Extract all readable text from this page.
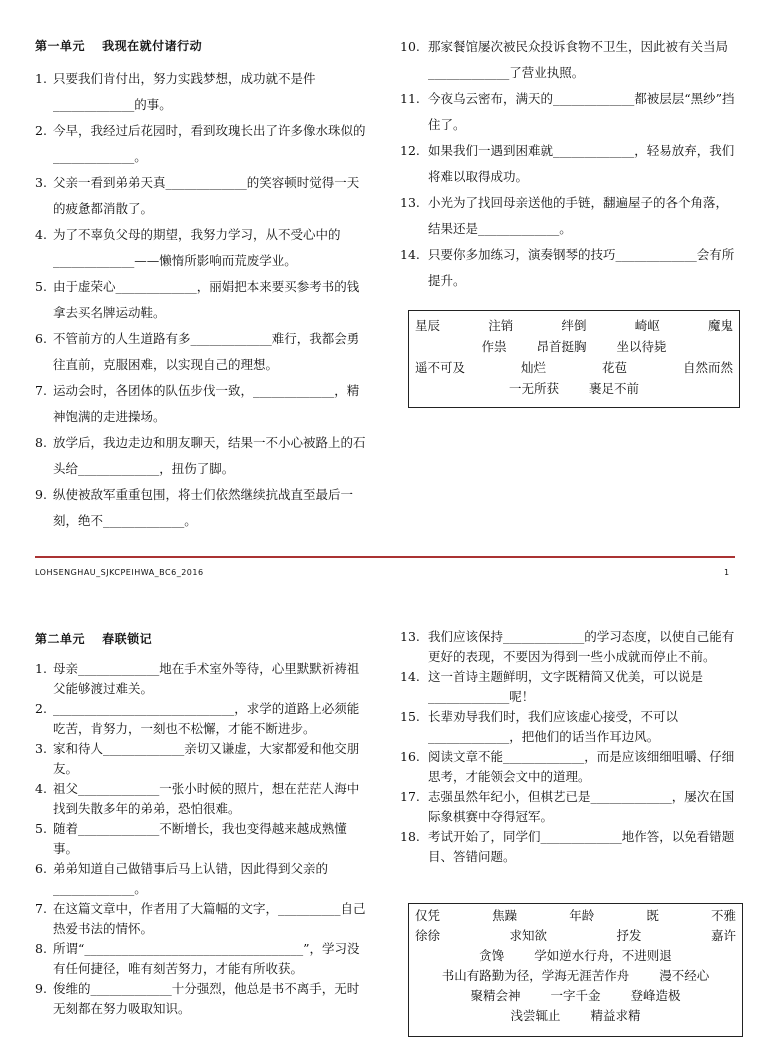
第一单元　 我现在就付诸行动
1. 只要我们肯付出，努力实践梦想，成功就不是件 _____________的事。
2. 今早，我经过后花园时，看到玫瑰长出了许多像水珠似的_____________。
3. 父亲一看到弟弟天真_____________的笑容顿时觉得一天的疲惫都消散了。
4. 为了不辜负父母的期望，我努力学习，从不受心中的_____________——懒惰所影响而荒废学业。
5. 由于虚荣心_____________，丽娟把本来要买参考书的钱拿去买名牌运动鞋。
6. 不管前方的人生道路有多_____________难行，我都会勇往直前，克服困难，以实现自己的理想。
7. 运动会时，各团体的队伍步伐一致，_____________，精神饱满的走进操场。
8. 放学后，我边走边和朋友聊天，结果一不小心被路上的石头给_____________，扭伤了脚。
9. 纵使被敌军重重包围，将士们依然继续抗战直至最后一刻，绝不_____________。
10. 那家餐馆屡次被民众投诉食物不卫生，因此被有关当局_____________了营业执照。
11. 今夜乌云密布，满天的_____________都被层层“黑纱”挡住了。
12. 如果我们一遇到困难就_____________，轻易放弃，我们将难以取得成功。
13. 小光为了找回母亲送他的手链，翻遍屋子的各个角落，结果还是_____________。
14. 只要你多加练习，演奏钢琴的技巧_____________会有所提升。
星辰	注销	绊倒	崎岖	魔鬼
作祟 昂首挺胸 坐以待毙
遥不可及	灿烂	花苞	自然而然
一无所获 裹足不前
LOHSENGHAU_SJKCPEIHWA_BC6_2016	1
第二单元　 春联锁记
1. 母亲_____________地在手术室外等待，心里默默祈祷祖父能够渡过难关。
2. _____________________________，求学的道路上必须能吃苦，肯努力，一刻也不松懈，才能不断进步。
3. 家和待人_____________亲切又谦虚，大家都爱和他交朋友。
4. 祖父_____________一张小时候的照片，想在茫茫人海中找到失散多年的弟弟，恐怕很难。
5. 随着_____________不断增长，我也变得越来越成熟懂事。
6. 弟弟知道自己做错事后马上认错，因此得到父亲的_____________。
7. 在这篇文章中，作者用了大篇幅的文字，__________自己热爱书法的情怀。
8. 所谓“___________________________________”，学习没有任何捷径，唯有刻苦努力，才能有所收获。
9. 俊维的_____________十分强烈，他总是书不离手，无时无刻都在努力吸取知识。
13. 我们应该保持_____________的学习态度，以使自己能有更好的表现，不要因为得到一些小成就而停止不前。
14. 这一首诗主题鲜明，文字既精简又优美，可以说是_____________呢！
15. 长辈劝导我们时，我们应该虚心接受，不可以_____________，把他们的话当作耳边风。
16. 阅读文章不能_____________，而是应该细细咀嚼、仔细思考，才能领会文中的道理。
17. 志强虽然年纪小，但棋艺已是_____________，屡次在国际象棋赛中夺得冠军。
18. 考试开始了，同学们_____________地作答，以免看错题目、答错问题。
仅凭	焦躁	年龄	既	不雅
徐徐	求知欲	抒发	嘉许
贪馋 学如逆水行舟，不进则退
书山有路勤为径，学海无涯苦作舟 漫不经心
聚精会神 一字千金 登峰造极
浅尝辄止 精益求精
